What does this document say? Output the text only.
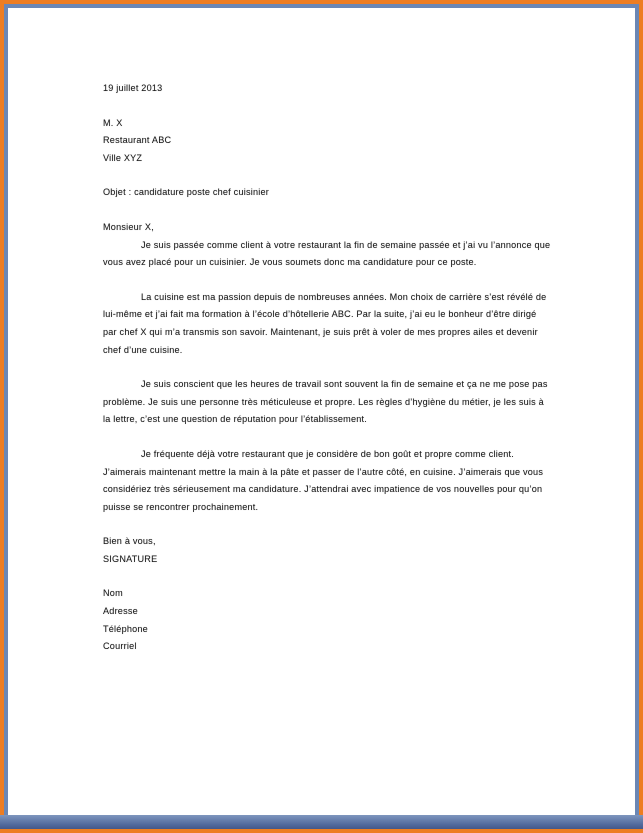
19 juillet 2013
M. X
Restaurant ABC
Ville XYZ
Objet : candidature poste chef cuisinier
Monsieur X,

Je suis passée comme client à votre restaurant la fin de semaine passée et j’ai vu l’annonce que vous avez placé pour un cuisinier. Je vous soumets donc ma candidature pour ce poste.

La cuisine est ma passion depuis de nombreuses années. Mon choix de carrière s’est révélé de lui-même et j’ai fait ma formation à l’école d’hôtellerie ABC. Par la suite, j’ai eu le bonheur d’être dirigé par chef X qui m’a transmis son savoir. Maintenant, je suis prêt à voler de mes propres ailes et devenir chef d’une cuisine.

Je suis conscient que les heures de travail sont souvent la fin de semaine et ça ne me pose pas problème. Je suis une personne très méticuleuse et propre. Les règles d’hygiène du métier, je les suis à la lettre, c’est une question de réputation pour l’établissement.

Je fréquente déjà votre restaurant que je considère de bon goût et propre comme client. J’aimerais maintenant mettre la main à la pâte et passer de l’autre côté, en cuisine. J’aimerais que vous considériez très sérieusement ma candidature. J’attendrai avec impatience de vos nouvelles pour qu’on puisse se rencontrer prochainement.

Bien à vous,
SIGNATURE
Nom
Adresse
Téléphone
Courriel
